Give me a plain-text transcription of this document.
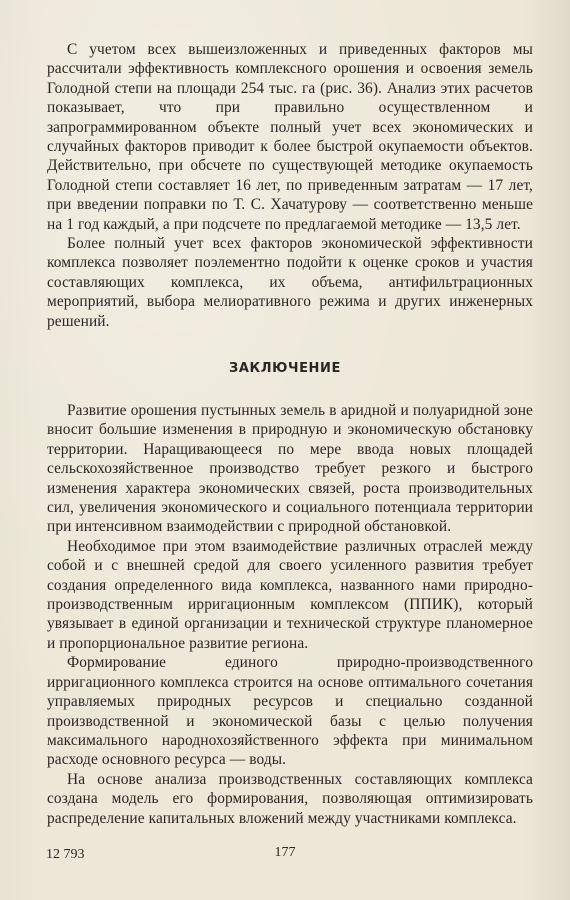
С учетом всех вышеизложенных и приведенных факторов мы рассчитали эффективность комплексного орошения и освоения земель Голодной степи на площади 254 тыс. га (рис. 36). Анализ этих расчетов показывает, что при правильно осуществленном и запрограммированном объекте полный учет всех экономических и случайных факторов приводит к более быстрой окупаемости объектов. Действительно, при обсчете по существующей методике окупаемость Голодной степи составляет 16 лет, по приведенным затратам — 17 лет, при введении поправки по Т. С. Хачатурову — соответственно меньше на 1 год каждый, а при подсчете по предлагаемой методике — 13,5 лет.

Более полный учет всех факторов экономической эффективности комплекса позволяет поэлементно подойти к оценке сроков и участия составляющих комплекса, их объема, антифильтрационных мероприятий, выбора мелиоративного режима и других инженерных решений.

ЗАКЛЮЧЕНИЕ

Развитие орошения пустынных земель в аридной и полуаридной зоне вносит большие изменения в природную и экономическую обстановку территории. Наращивающееся по мере ввода новых площадей сельскохозяйственное производство требует резкого и быстрого изменения характера экономических связей, роста производительных сил, увеличения экономического и социального потенциала территории при интенсивном взаимодействии с природной обстановкой.

Необходимое при этом взаимодействие различных отраслей между собой и с внешней средой для своего усиленного развития требует создания определенного вида комплекса, названного нами природно-производственным ирригационным комплексом (ППИК), который увязывает в единой организации и технической структуре планомерное и пропорциональное развитие региона.

Формирование единого природно-производственного ирригационного комплекса строится на основе оптимального сочетания управляемых природных ресурсов и специально созданной производственной и экономической базы с целью получения максимального народнохозяйственного эффекта при минимальном расходе основного ресурса — воды.

На основе анализа производственных составляющих комплекса создана модель его формирования, позволяющая оптимизировать распределение капитальных вложений между участниками комплекса.

12 793	177
